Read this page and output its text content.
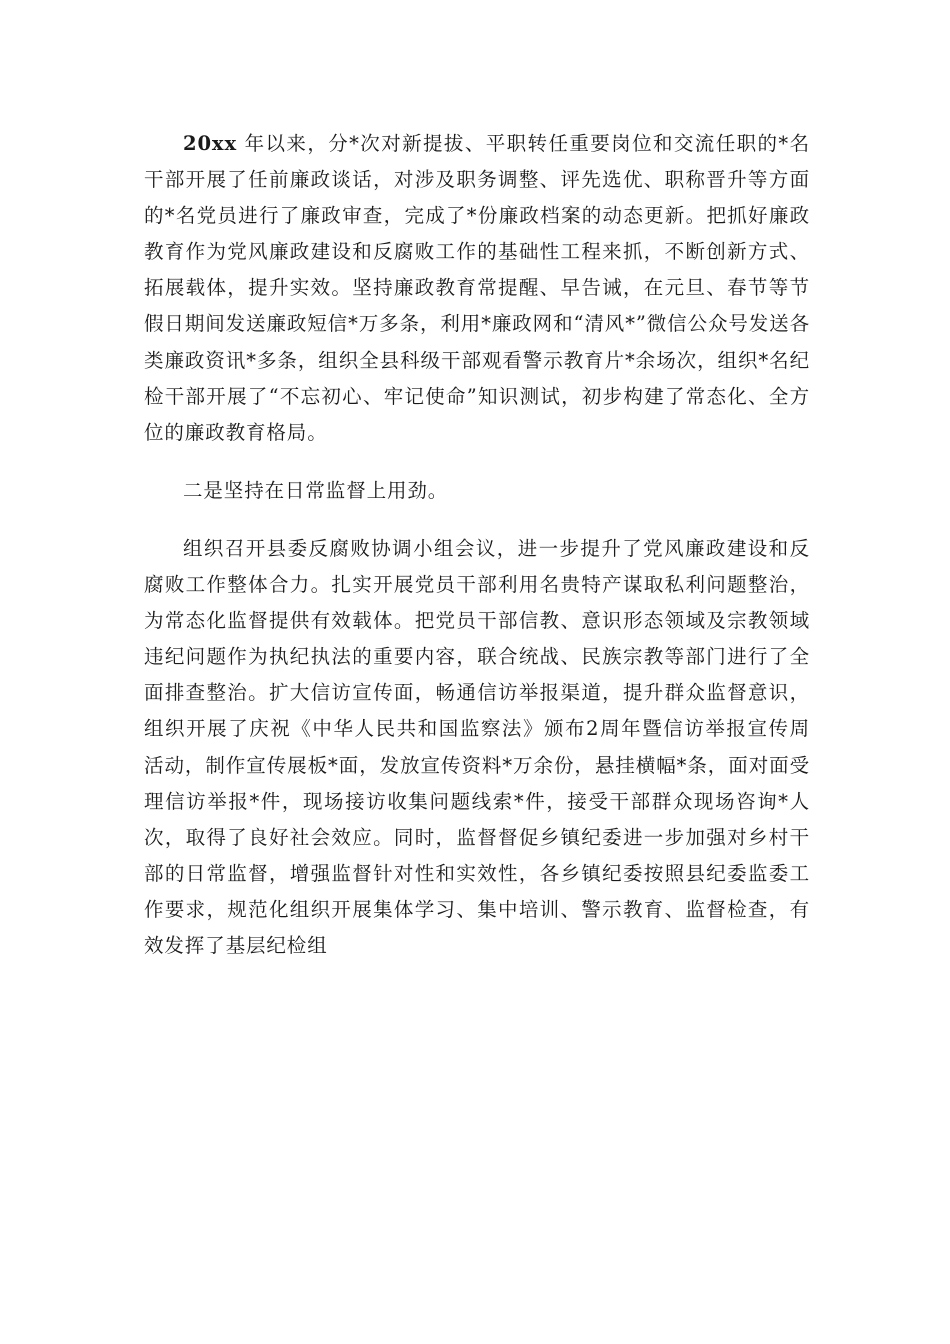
20xx 年以来，分*次对新提拔、平职转任重要岗位和交流任职的*名干部开展了任前廉政谈话，对涉及职务调整、评先选优、职称晋升等方面的*名党员进行了廉政审查，完成了*份廉政档案的动态更新。把抓好廉政教育作为党风廉政建设和反腐败工作的基础性工程来抓，不断创新方式、拓展载体，提升实效。坚持廉政教育常提醒、早告诫，在元旦、春节等节假日期间发送廉政短信*万多条，利用*廉政网和“清风*”微信公众号发送各类廉政资讯*多条，组织全县科级干部观看警示教育片*余场次，组织*名纪检干部开展了“不忘初心、牢记使命”知识测试，初步构建了常态化、全方位的廉政教育格局。

二是坚持在日常监督上用劲。

组织召开县委反腐败协调小组会议，进一步提升了党风廉政建设和反腐败工作整体合力。扎实开展党员干部利用名贵特产谋取私利问题整治，为常态化监督提供有效载体。把党员干部信教、意识形态领域及宗教领域违纪问题作为执纪执法的重要内容，联合统战、民族宗教等部门进行了全面排查整治。扩大信访宣传面，畅通信访举报渠道，提升群众监督意识，组织开展了庆祝《中华人民共和国监察法》颁布2周年暨信访举报宣传周活动，制作宣传展板*面，发放宣传资料*万余份，悬挂横幅*条，面对面受理信访举报*件，现场接访收集问题线索*件，接受干部群众现场咨询*人次，取得了良好社会效应。同时，监督督促乡镇纪委进一步加强对乡村干部的日常监督，增强监督针对性和实效性，各乡镇纪委按照县纪委监委工作要求，规范化组织开展集体学习、集中培训、警示教育、监督检查，有效发挥了基层纪检组
